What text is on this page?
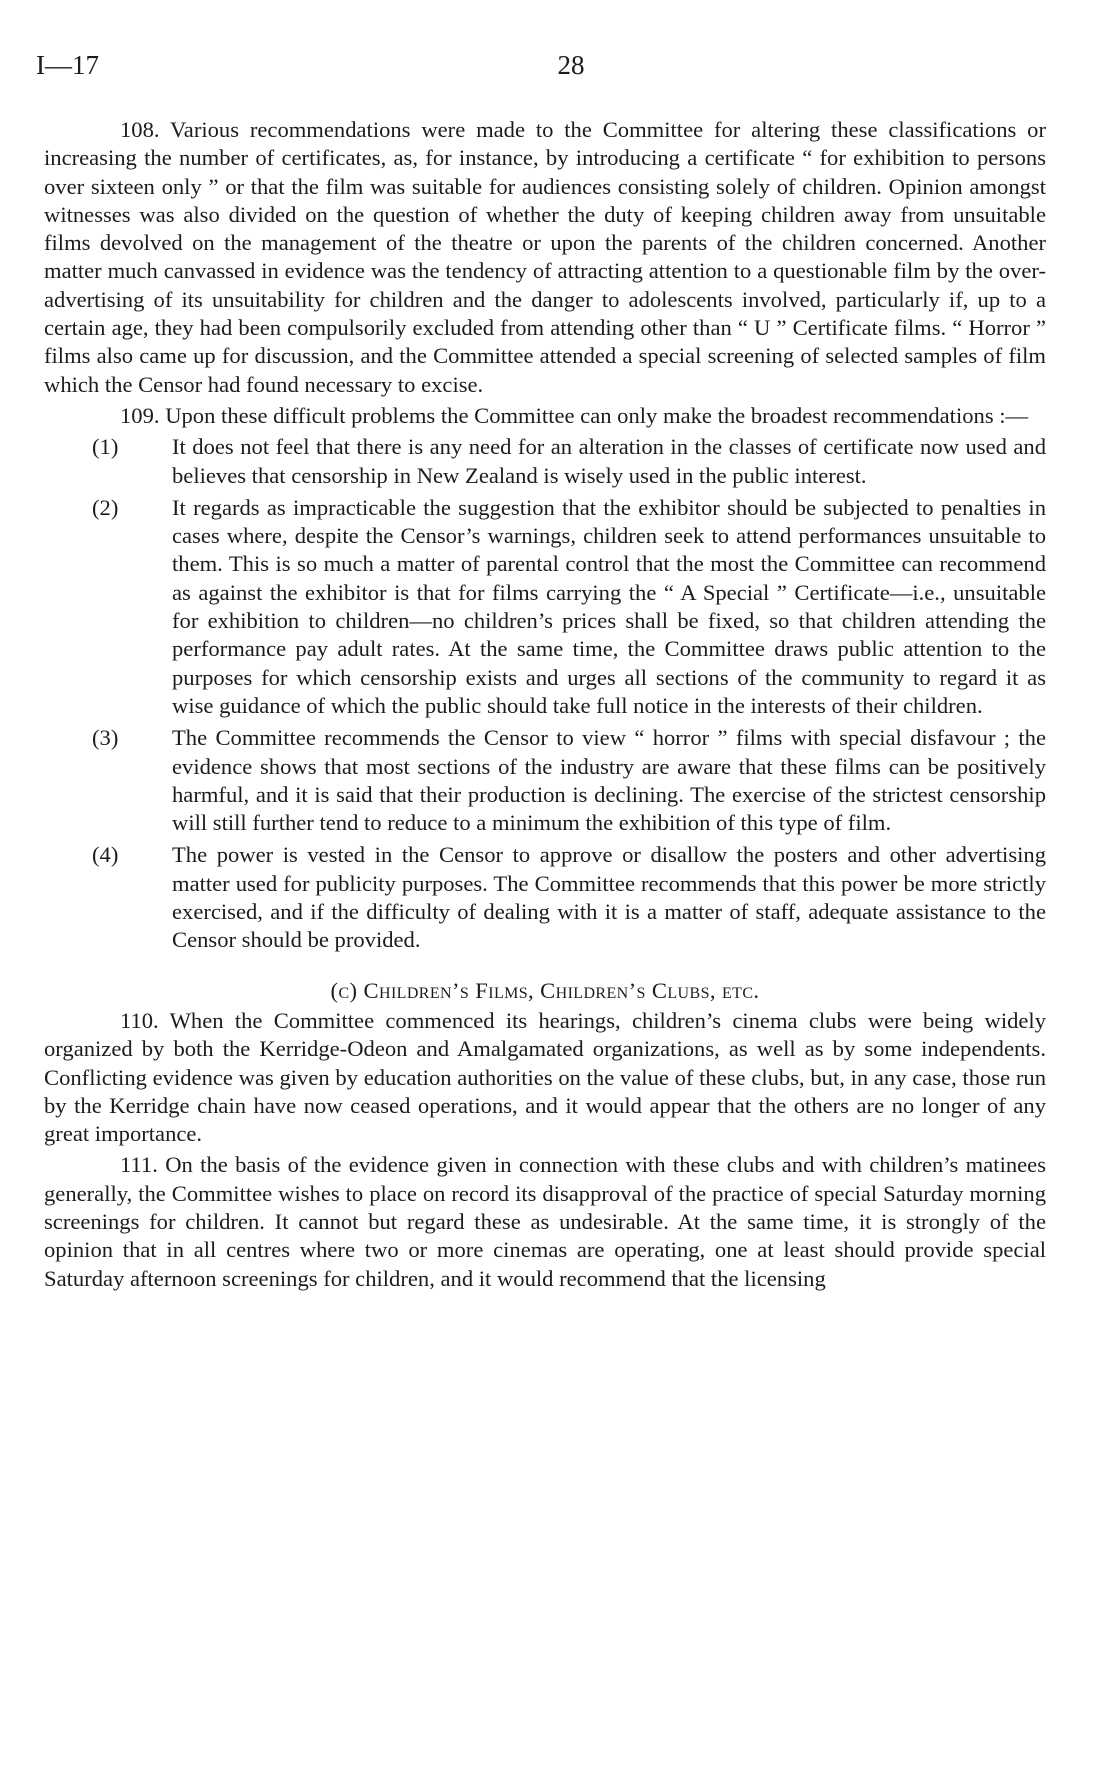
I—17	28

108. Various recommendations were made to the Committee for altering these classifications or increasing the number of certificates, as, for instance, by introducing a certificate “ for exhibition to persons over sixteen only ” or that the film was suitable for audiences consisting solely of children. Opinion amongst witnesses was also divided on the question of whether the duty of keeping children away from unsuitable films devolved on the management of the theatre or upon the parents of the children concerned. Another matter much canvassed in evidence was the tendency of attracting attention to a questionable film by the over-advertising of its unsuitability for children and the danger to adolescents involved, particularly if, up to a certain age, they had been compulsorily excluded from attending other than “ U ” Certificate films. “ Horror ” films also came up for discussion, and the Committee attended a special screening of selected samples of film which the Censor had found necessary to excise.

109. Upon these difficult problems the Committee can only make the broadest recommendations :—

(1) It does not feel that there is any need for an alteration in the classes of certificate now used and believes that censorship in New Zealand is wisely used in the public interest.
(2) It regards as impracticable the suggestion that the exhibitor should be subjected to penalties in cases where, despite the Censor’s warnings, children seek to attend performances unsuitable to them. This is so much a matter of parental control that the most the Committee can recommend as against the exhibitor is that for films carrying the “ A Special ” Certificate—i.e., unsuitable for exhibition to children—no children’s prices shall be fixed, so that children attending the performance pay adult rates. At the same time, the Committee draws public attention to the purposes for which censorship exists and urges all sections of the community to regard it as wise guidance of which the public should take full notice in the interests of their children.
(3) The Committee recommends the Censor to view “ horror ” films with special disfavour ; the evidence shows that most sections of the industry are aware that these films can be positively harmful, and it is said that their production is declining. The exercise of the strictest censorship will still further tend to reduce to a minimum the exhibition of this type of film.
(4) The power is vested in the Censor to approve or disallow the posters and other advertising matter used for publicity purposes. The Committee recommends that this power be more strictly exercised, and if the difficulty of dealing with it is a matter of staff, adequate assistance to the Censor should be provided.
(c) Children’s Films, Children’s Clubs, etc.

110. When the Committee commenced its hearings, children’s cinema clubs were being widely organized by both the Kerridge-Odeon and Amalgamated organizations, as well as by some independents. Conflicting evidence was given by education authorities on the value of these clubs, but, in any case, those run by the Kerridge chain have now ceased operations, and it would appear that the others are no longer of any great importance.

111. On the basis of the evidence given in connection with these clubs and with children’s matinees generally, the Committee wishes to place on record its disapproval of the practice of special Saturday morning screenings for children. It cannot but regard these as undesirable. At the same time, it is strongly of the opinion that in all centres where two or more cinemas are operating, one at least should provide special Saturday afternoon screenings for children, and it would recommend that the licensing
